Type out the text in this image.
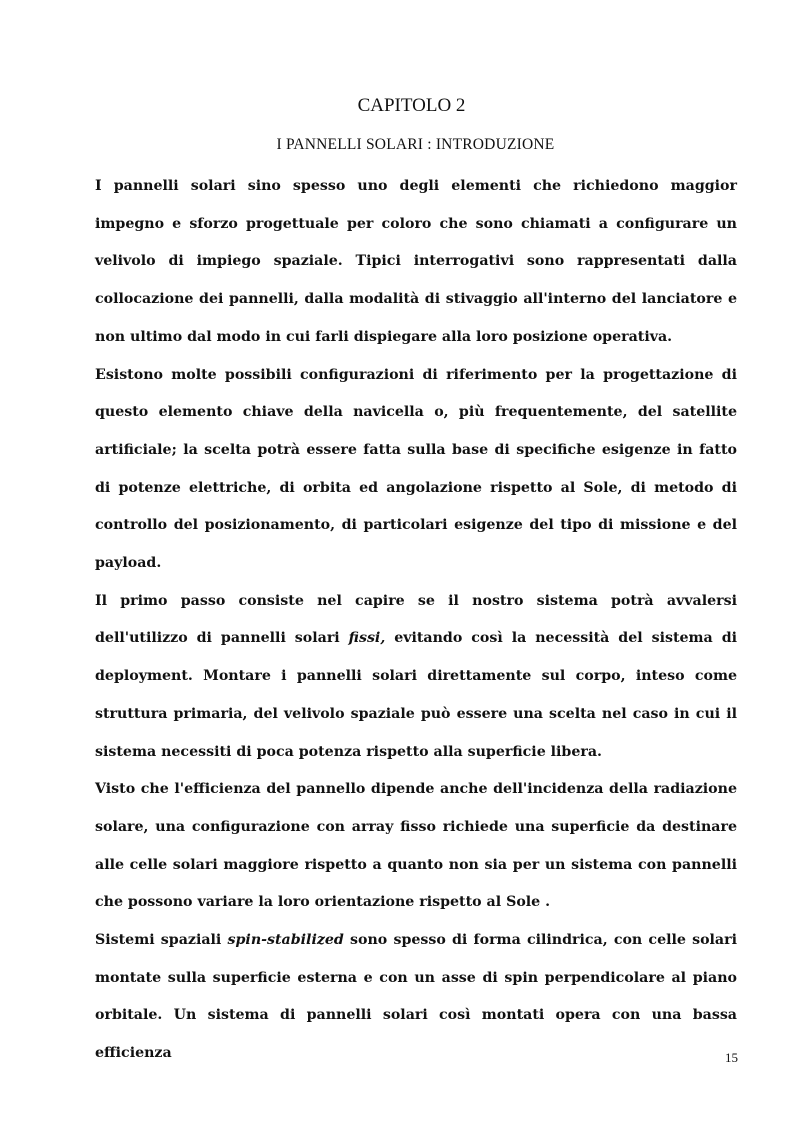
CAPITOLO 2
I PANNELLI SOLARI : INTRODUZIONE

I pannelli solari sino spesso uno degli elementi che richiedono maggior impegno e sforzo progettuale per coloro che sono chiamati a configurare un velivolo di impiego spaziale. Tipici interrogativi sono rappresentati dalla collocazione dei pannelli, dalla modalità di stivaggio all'interno del lanciatore e non ultimo dal modo in cui farli dispiegare alla loro posizione operativa.

Esistono molte possibili configurazioni di riferimento per la progettazione di questo elemento chiave della navicella o, più frequentemente, del satellite artificiale; la scelta potrà essere fatta sulla base di specifiche esigenze in fatto di potenze elettriche, di orbita ed angolazione rispetto al Sole, di metodo di controllo del posizionamento, di particolari esigenze del tipo di missione e del payload.

Il primo passo consiste nel capire se il nostro sistema potrà avvalersi dell'utilizzo di pannelli solari fissi, evitando così la necessità del sistema di deployment. Montare i pannelli solari direttamente sul corpo, inteso come struttura primaria, del velivolo spaziale può essere una scelta nel caso in cui il sistema necessiti di poca potenza rispetto alla superficie libera.

Visto che l'efficienza del pannello dipende anche dell'incidenza della radiazione solare, una configurazione con array fisso richiede una superficie da destinare alle celle solari maggiore rispetto a quanto non sia per un sistema con pannelli che possono variare la loro orientazione rispetto al Sole .

Sistemi spaziali spin-stabilized sono spesso di forma cilindrica, con celle solari montate sulla superficie esterna e con un asse di spin perpendicolare al piano orbitale. Un sistema di pannelli solari così montati opera con una bassa efficienza	15
